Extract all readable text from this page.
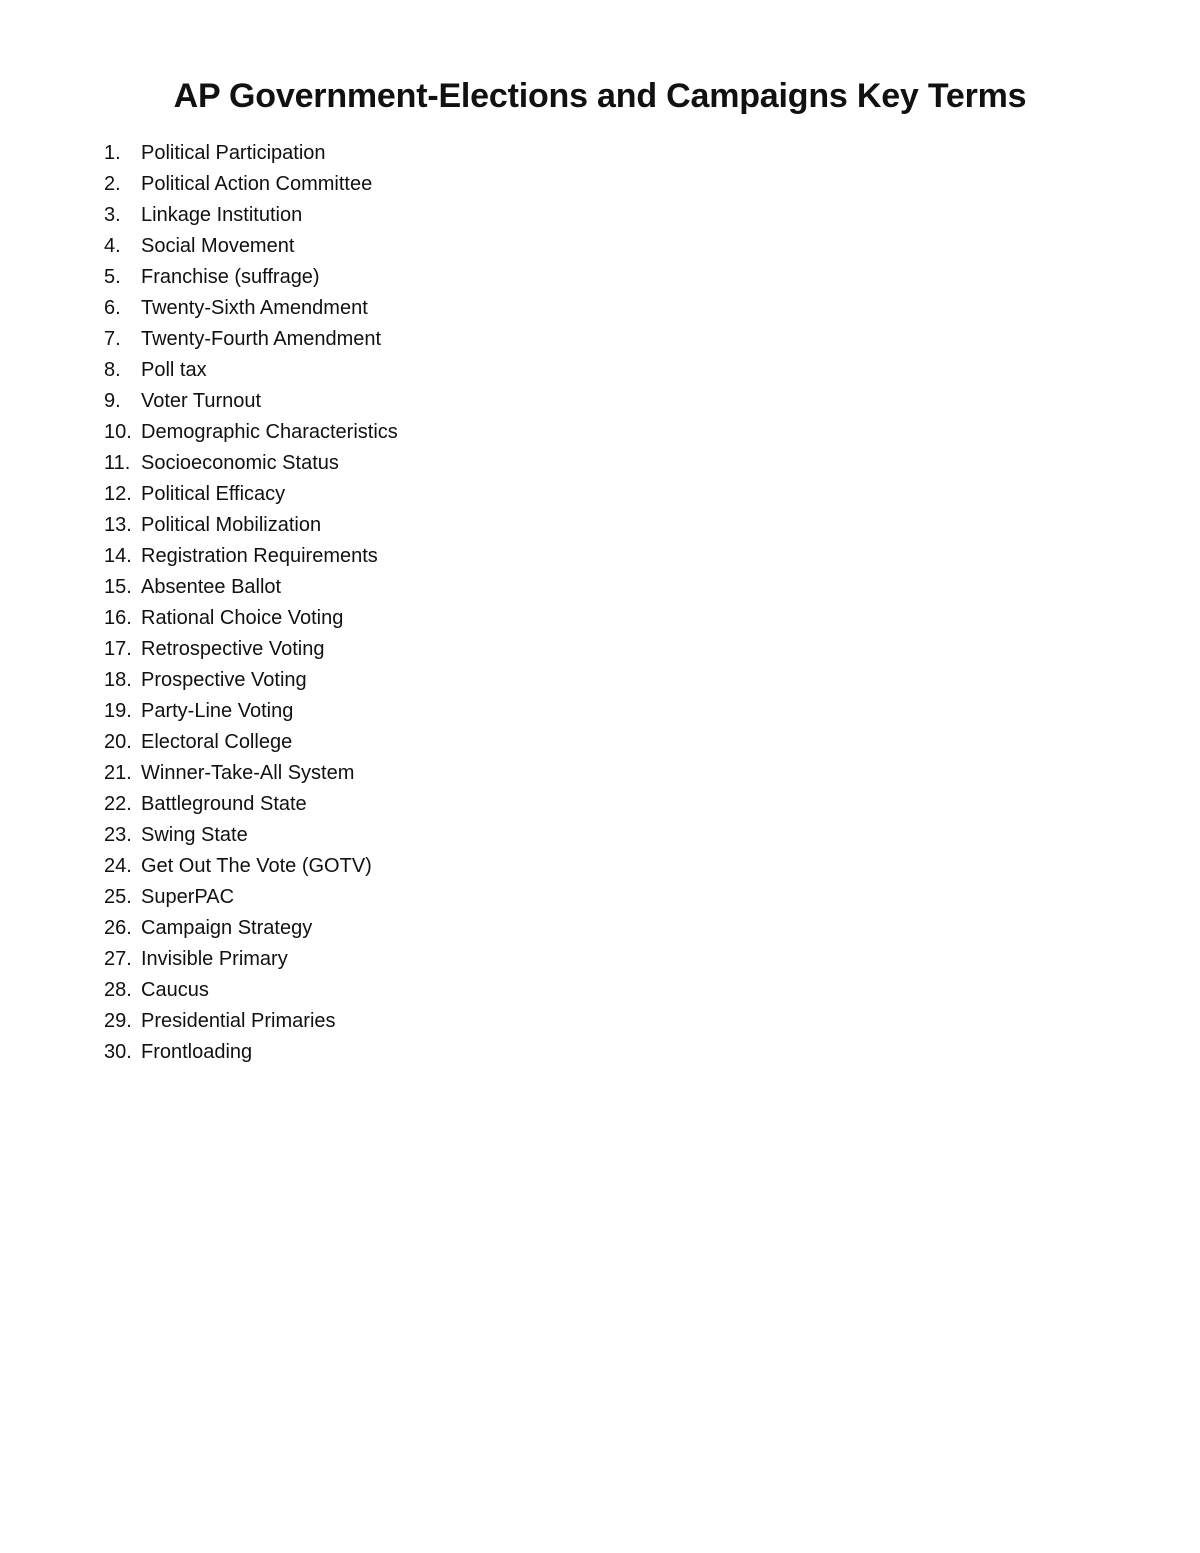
AP Government-Elections and Campaigns Key Terms
1.	Political Participation
2.	Political Action Committee
3.	Linkage Institution
4.	Social Movement
5.	Franchise (suffrage)
6.	Twenty-Sixth Amendment
7.	Twenty-Fourth Amendment
8.	Poll tax
9.	Voter Turnout
10. Demographic Characteristics
11. Socioeconomic Status
12. Political Efficacy
13. Political Mobilization
14. Registration Requirements
15. Absentee Ballot
16. Rational Choice Voting
17. Retrospective Voting
18. Prospective Voting
19. Party-Line Voting
20. Electoral College
21. Winner-Take-All System
22. Battleground State
23. Swing State
24. Get Out The Vote (GOTV)
25. SuperPAC
26. Campaign Strategy
27. Invisible Primary
28. Caucus
29. Presidential Primaries
30. Frontloading
